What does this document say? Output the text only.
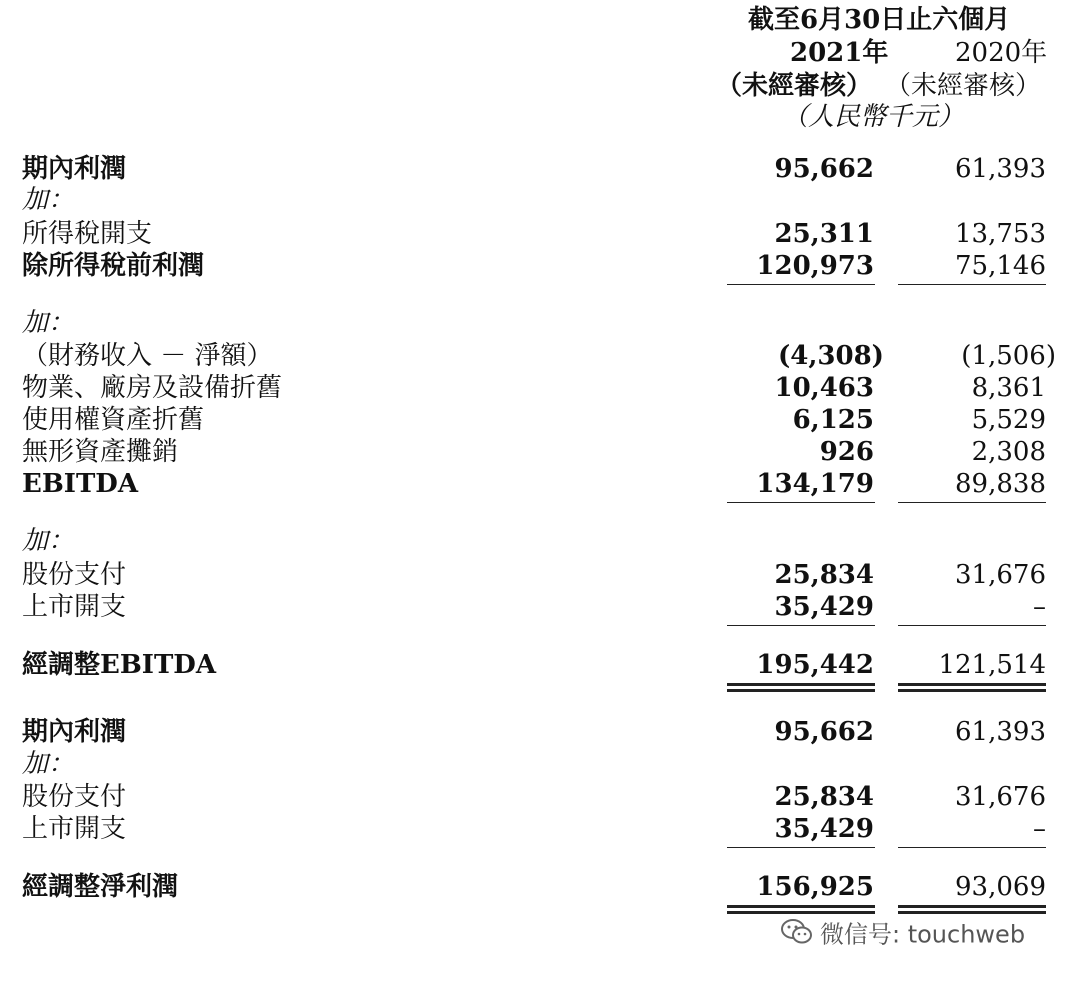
截至6月30日止六個月
2021年	2020年
（未經審核） （未經審核）
（人民幣千元）
期內利潤	95,662	61,393
加：
所得稅開支	25,311	13,753
除所得稅前利潤	120,973	75,146
加：
（財務收入 － 淨額）	(4,308)	(1,506)
物業、廠房及設備折舊	10,463	8,361
使用權資產折舊	6,125	5,529
無形資產攤銷	926	2,308
EBITDA	134,179	89,838
加：
股份支付	25,834	31,676
上市開支	35,429	–
經調整EBITDA	195,442 121,514
期內利潤	95,662	61,393
加：
股份支付	25,834	31,676
上市開支	35,429	–
經調整淨利潤	156,925	93,069
微信号: touchweb
